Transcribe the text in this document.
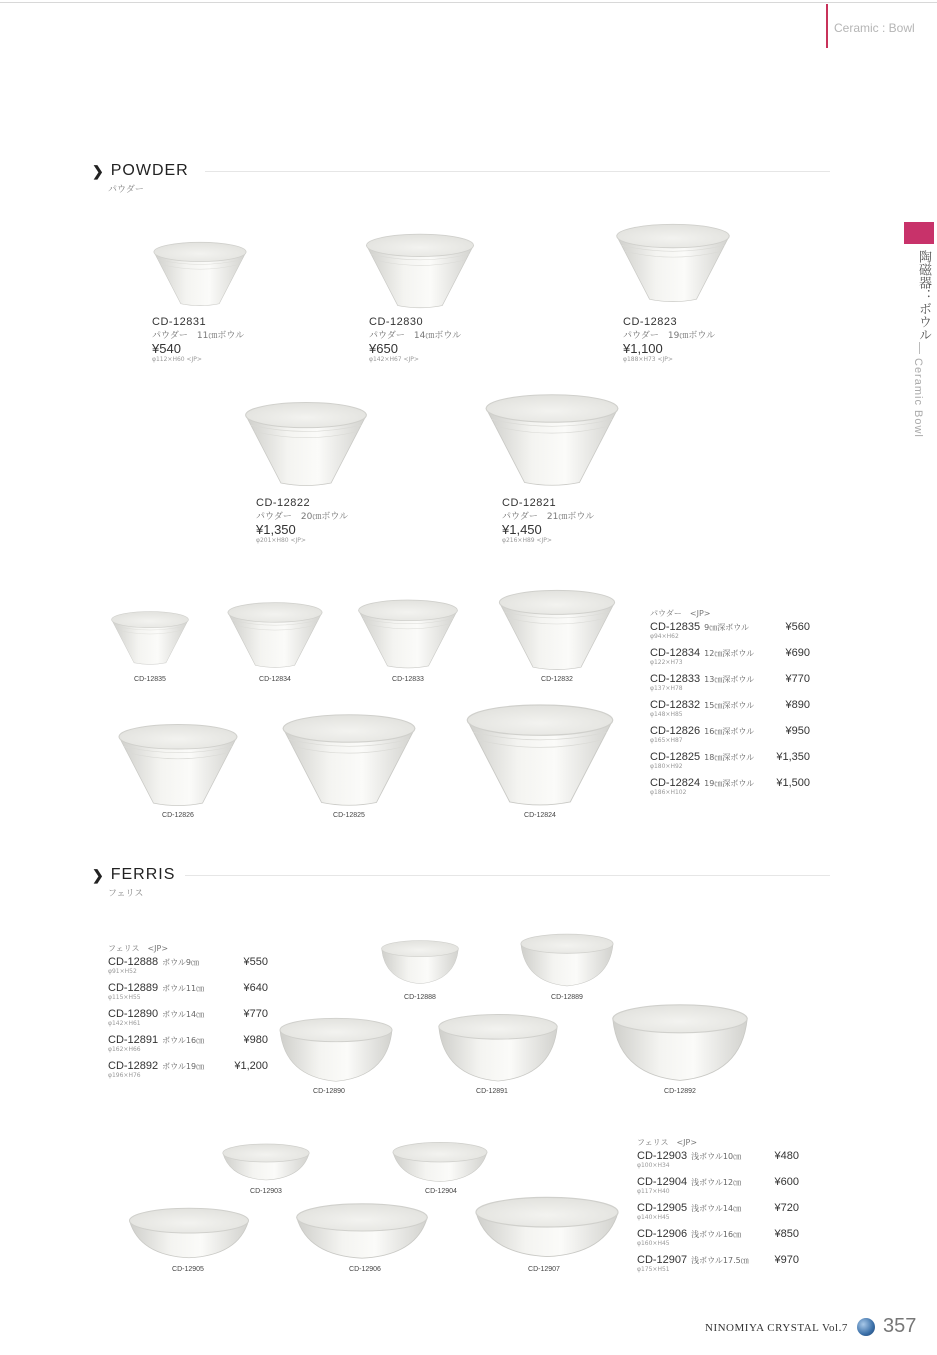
Ceramic : Bowl
陶磁器：ボウル
Ceramic Bowl
❯ POWDER
パウダー
CD-12831
パウダー　11㎝ボウル
¥540
φ112×H60 <JP>
CD-12830
パウダー　14㎝ボウル
¥650
φ142×H67 <JP>
CD-12823
パウダー　19㎝ボウル
¥1,100
φ188×H73 <JP>
CD-12822
パウダー　20㎝ボウル
¥1,350
φ201×H80 <JP>
CD-12821
パウダー　21㎝ボウル
¥1,450
φ216×H89 <JP>
CD-12835	CD-12834	CD-12833	CD-12832
CD-12826	CD-12825	CD-12824
パウダー　<JP>
CD-12835 9㎝深ボウル	¥560
φ94×H62
CD-12834 12㎝深ボウル	¥690
φ122×H73
CD-12833 13㎝深ボウル	¥770
φ137×H78
CD-12832 15㎝深ボウル	¥890
φ148×H85
CD-12826 16㎝深ボウル	¥950
φ165×H87
CD-12825 18㎝深ボウル	¥1,350
φ180×H92
CD-12824 19㎝深ボウル	¥1,500
φ186×H102
❯ FERRIS
フェリス
フェリス　<JP>
CD-12888 ボウル9㎝	¥550
φ91×H52
CD-12889 ボウル11㎝	¥640
φ115×H55
CD-12890 ボウル14㎝	¥770
φ142×H61
CD-12891 ボウル16㎝	¥980
φ162×H66
CD-12892 ボウル19㎝	¥1,200
φ196×H76
CD-12888	CD-12889
CD-12890	CD-12891	CD-12892
CD-12903	CD-12904
CD-12905	CD-12906	CD-12907
フェリス　<JP>
CD-12903 浅ボウル10㎝	¥480
φ100×H34
CD-12904 浅ボウル12㎝	¥600
φ117×H40
CD-12905 浅ボウル14㎝	¥720
φ140×H45
CD-12906 浅ボウル16㎝	¥850
φ160×H45
CD-12907 浅ボウル17.5㎝	¥970
φ175×H51
NINOMIYA CRYSTAL Vol.7 357
